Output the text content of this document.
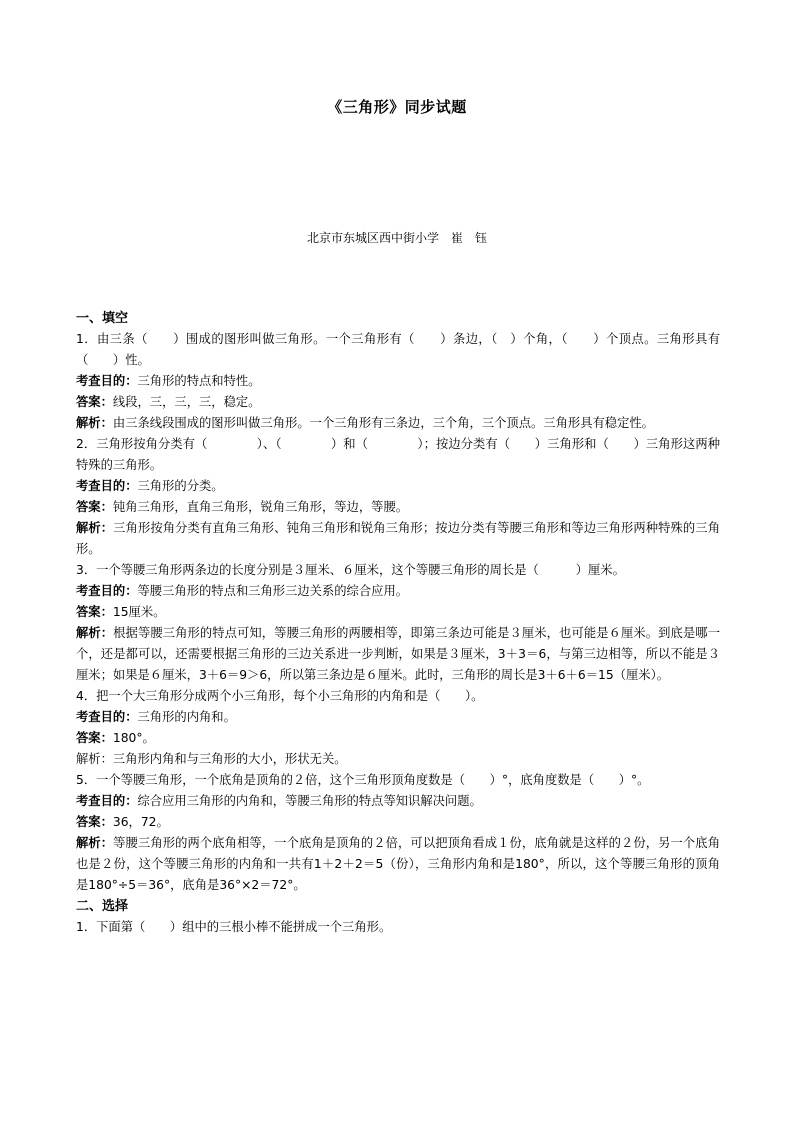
《三角形》同步试题
北京市东城区西中街小学　崔　钰

一、填空

1．由三条（　　）围成的图形叫做三角形。一个三角形有（　　）条边，（　）个角，（　　）个顶点。三角形具有（　　）性。

考查目的：三角形的特点和特性。

答案：线段，三，三，三，稳定。

解析：由三条线段围成的图形叫做三角形。一个三角形有三条边，三个角，三个顶点。三角形具有稳定性。

2．三角形按角分类有（　　　　）、（　　　　）和（　　　　）；按边分类有（　　）三角形和（　　）三角形这两种特殊的三角形。

考查目的：三角形的分类。

答案：钝角三角形，直角三角形，锐角三角形，等边，等腰。

解析：三角形按角分类有直角三角形、钝角三角形和锐角三角形；按边分类有等腰三角形和等边三角形两种特殊的三角形。

3．一个等腰三角形两条边的长度分别是３厘米、６厘米，这个等腰三角形的周长是（　　　）厘米。

考查目的：等腰三角形的特点和三角形三边关系的综合应用。

答案：15厘米。

解析：根据等腰三角形的特点可知，等腰三角形的两腰相等，即第三条边可能是３厘米，也可能是６厘米。到底是哪一个，还是都可以，还需要根据三角形的三边关系进一步判断，如果是３厘米，3＋3＝6，与第三边相等，所以不能是３厘米；如果是６厘米，3＋6＝9＞6，所以第三条边是６厘米。此时，三角形的周长是3＋6＋6＝15（厘米）。

4．把一个大三角形分成两个小三角形，每个小三角形的内角和是（　　）。

考查目的：三角形的内角和。

答案：180°。

解析：三角形内角和与三角形的大小，形状无关。

5．一个等腰三角形，一个底角是顶角的２倍，这个三角形顶角度数是（　　）°，底角度数是（　　）°。

考查目的：综合应用三角形的内角和，等腰三角形的特点等知识解决问题。

答案：36，72。

解析：等腰三角形的两个底角相等，一个底角是顶角的２倍，可以把顶角看成１份，底角就是这样的２份，另一个底角也是２份，这个等腰三角形的内角和一共有1＋2＋2＝5（份），三角形内角和是180°，所以，这个等腰三角形的顶角是180°÷5＝36°，底角是36°×2＝72°。

二、选择

1．下面第（　　）组中的三根小棒不能拼成一个三角形。
